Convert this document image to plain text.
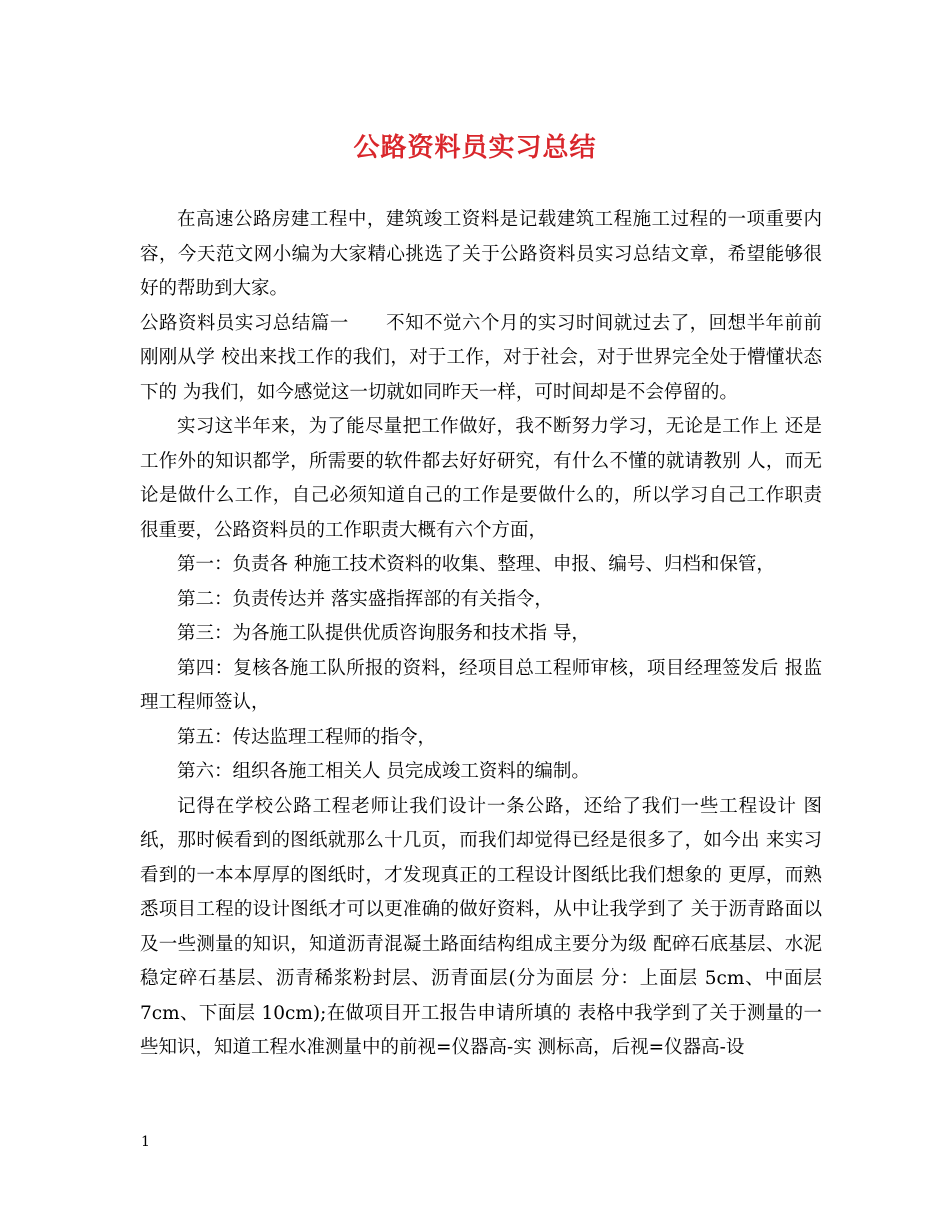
公路资料员实习总结

在高速公路房建工程中，建筑竣工资料是记载建筑工程施工过程的一项重要内容，今天范文网小编为大家精心挑选了关于公路资料员实习总结文章，希望能够很好的帮助到大家。

公路资料员实习总结篇一 不知不觉六个月的实习时间就过去了，回想半年前前刚刚从学 校出来找工作的我们，对于工作，对于社会，对于世界完全处于懵懂状态下的 为我们，如今感觉这一切就如同昨天一样，可时间却是不会停留的。

实习这半年来，为了能尽量把工作做好，我不断努力学习，无论是工作上 还是工作外的知识都学，所需要的软件都去好好研究，有什么不懂的就请教别 人，而无论是做什么工作，自己必须知道自己的工作是要做什么的，所以学习自己工作职责很重要，公路资料员的工作职责大概有六个方面，

第一：负责各 种施工技术资料的收集、整理、申报、编号、归档和保管，

第二：负责传达并 落实盛指挥部的有关指令，

第三：为各施工队提供优质咨询服务和技术指 导，

第四：复核各施工队所报的资料，经项目总工程师审核，项目经理签发后 报监理工程师签认，

第五：传达监理工程师的指令，

第六：组织各施工相关人 员完成竣工资料的编制。

记得在学校公路工程老师让我们设计一条公路，还给了我们一些工程设计 图纸，那时候看到的图纸就那么十几页，而我们却觉得已经是很多了，如今出 来实习看到的一本本厚厚的图纸时，才发现真正的工程设计图纸比我们想象的 更厚，而熟悉项目工程的设计图纸才可以更准确的做好资料，从中让我学到了 关于沥青路面以及一些测量的知识，知道沥青混凝土路面结构组成主要分为级 配碎石底基层、水泥稳定碎石基层、沥青稀浆粉封层、沥青面层(分为面层 分：上面层 5cm、中面层 7cm、下面层 10cm);在做项目开工报告申请所填的 表格中我学到了关于测量的一些知识，知道工程水准测量中的前视=仪器高-实 测标高，后视=仪器高-设

1
